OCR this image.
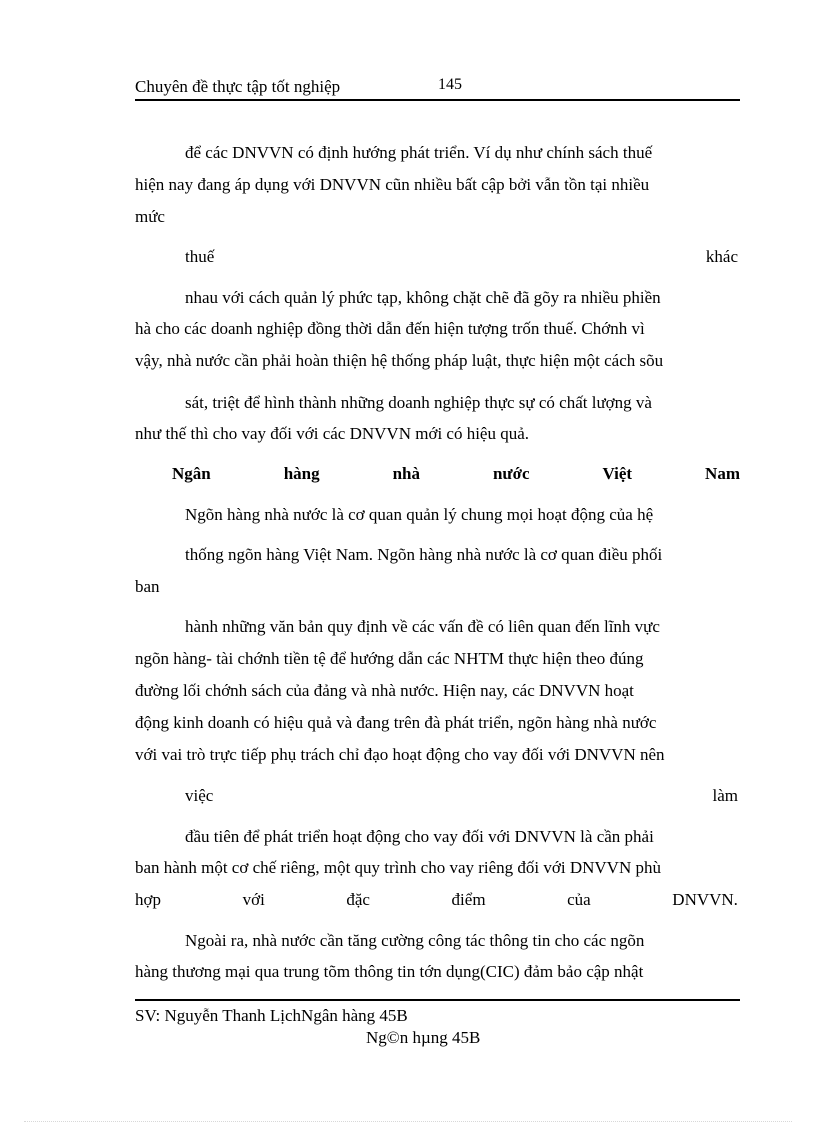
Chuyên đề thực tập tốt nghiệp	145
để các DNVVN có định hướng phát triển. Ví dụ như chính sách thuế
hiện nay đang áp dụng với DNVVN cũn nhiều bất cập bởi vẫn tồn tại nhiều
mức
thuế	khác
nhau với cách quản lý phức tạp, không chặt chẽ đã gõy ra nhiều phiền
hà cho các doanh nghiệp đồng thời dẫn đến hiện tượng trốn thuế. Chớnh vì
vậy, nhà nước cần phải hoàn thiện hệ thống pháp luật, thực hiện một cách sõu
sát, triệt để hình thành những doanh nghiệp thực sự có chất lượng và
như thế thì cho vay đối với các DNVVN mới có hiệu quả.
Ngân	hàng	nhà	nước	Việt	Nam
Ngõn hàng nhà nước là cơ quan quản lý chung mọi hoạt động của hệ
thống ngõn hàng Việt Nam. Ngõn hàng nhà nước là cơ quan điều phối
ban
hành những văn bản quy định về các vấn đề có liên quan đến lĩnh vực
ngõn hàng- tài chớnh tiền tệ để hướng dẫn các NHTM thực hiện theo đúng
đường lối chớnh sách của đảng và nhà nước. Hiện nay, các DNVVN hoạt
động kinh doanh có hiệu quả và đang trên đà phát triển, ngõn hàng nhà nước
với vai trò trực tiếp phụ trách chỉ đạo hoạt động cho vay đối với DNVVN nên
việc	làm
đầu tiên để phát triển hoạt động cho vay đối với DNVVN là cần phải
ban hành một cơ chế riêng, một quy trình cho vay riêng đối với DNVVN phù
hợp	với	đặc	điểm	của	DNVVN.
Ngoài ra, nhà nước cần tăng cường công tác thông tin cho các ngõn
hàng thương mại qua trung tõm thông tin tớn dụng(CIC) đảm bảo cập nhật
SV: Nguyễn Thanh LịchNgân hàng 45B
Ng©n hµng 45B
